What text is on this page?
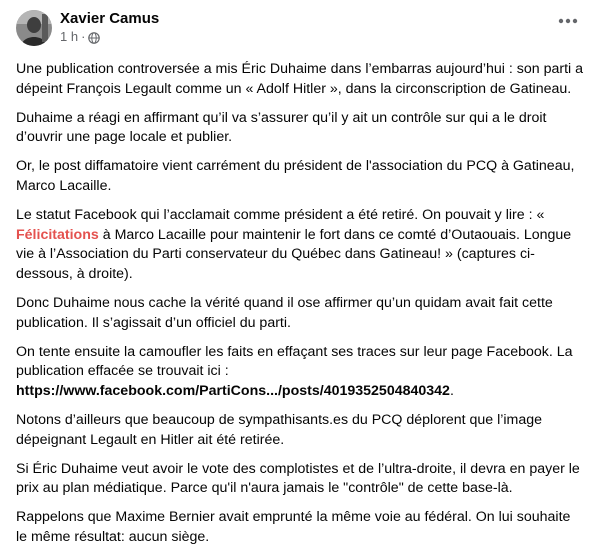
Xavier Camus
1 h ·

Une publication controversée a mis Éric Duhaime dans l’embarras aujourd’hui : son parti a dépeint François Legault comme un « Adolf Hitler », dans la circonscription de Gatineau.

Duhaime a réagi en affirmant qu’il va s’assurer qu’il y ait un contrôle sur qui a le droit d’ouvrir une page locale et publier.

Or, le post diffamatoire vient carrément du président de l'association du PCQ à Gatineau, Marco Lacaille.

Le statut Facebook qui l’acclamait comme président a été retiré. On pouvait y lire : « Félicitations à Marco Lacaille pour maintenir le fort dans ce comté d’Outaouais. Longue vie à l’Association du Parti conservateur du Québec dans Gatineau! » (captures ci-dessous, à droite).

Donc Duhaime nous cache la vérité quand il ose affirmer qu’un quidam avait fait cette publication. Il s’agissait d’un officiel du parti.

On tente ensuite la camoufler les faits en effaçant ses traces sur leur page Facebook. La publication effacée se trouvait ici : https://www.facebook.com/PartiCons.../posts/4019352504840342.

Notons d’ailleurs que beaucoup de sympathisants.es du PCQ déplorent que l’image dépeignant Legault en Hitler ait été retirée.

Si Éric Duhaime veut avoir le vote des complotistes et de l’ultra-droite, il devra en payer le prix au plan médiatique. Parce qu'il n'aura jamais le "contrôle" de cette base-là.

Rappelons que Maxime Bernier avait emprunté la même voie au fédéral. On lui souhaite le même résultat: aucun siège.
